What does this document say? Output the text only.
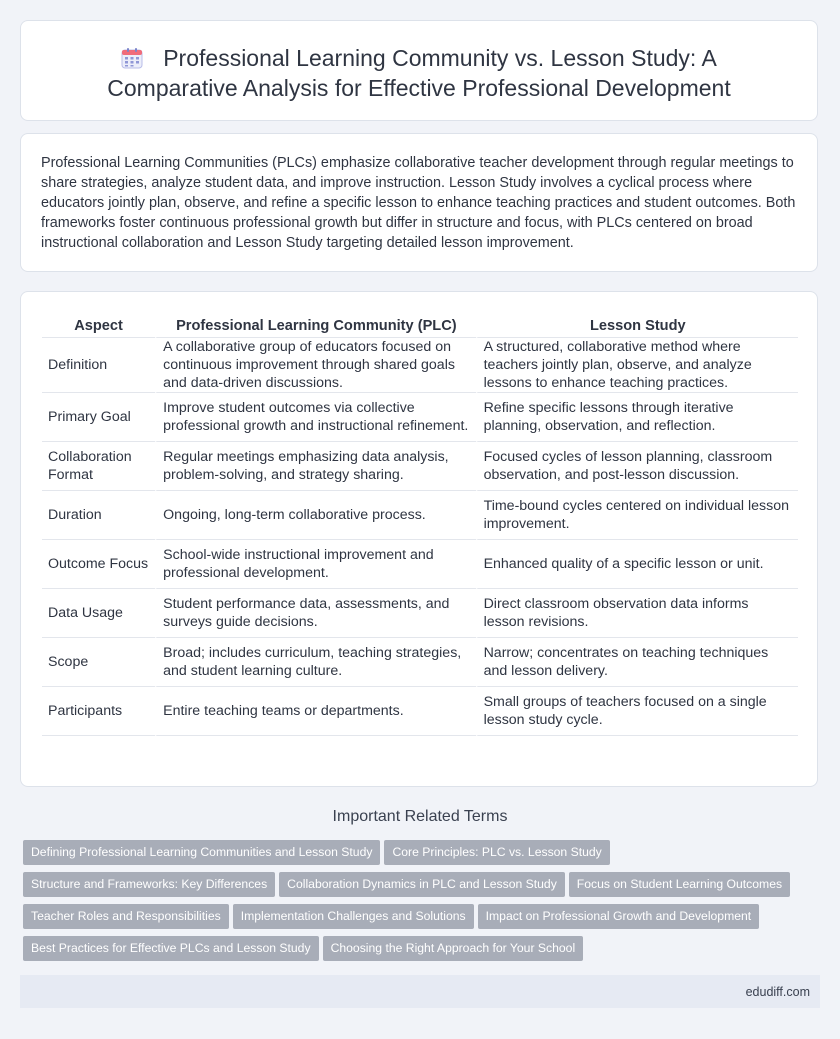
Professional Learning Community vs. Lesson Study: A Comparative Analysis for Effective Professional Development

Professional Learning Communities (PLCs) emphasize collaborative teacher development through regular meetings to share strategies, analyze student data, and improve instruction. Lesson Study involves a cyclical process where educators jointly plan, observe, and refine a specific lesson to enhance teaching practices and student outcomes. Both frameworks foster continuous professional growth but differ in structure and focus, with PLCs centered on broad instructional collaboration and Lesson Study targeting detailed lesson improvement.

Aspect	Professional Learning Community (PLC)	Lesson Study
Definition	A collaborative group of educators focused on continuous improvement through shared goals and data-driven discussions.	A structured, collaborative method where teachers jointly plan, observe, and analyze lessons to enhance teaching practices.
Primary Goal	Improve student outcomes via collective professional growth and instructional refinement.	Refine specific lessons through iterative planning, observation, and reflection.
Collaboration Format	Regular meetings emphasizing data analysis, problem-solving, and strategy sharing.	Focused cycles of lesson planning, classroom observation, and post-lesson discussion.
Duration	Ongoing, long-term collaborative process.	Time-bound cycles centered on individual lesson improvement.
Outcome Focus	School-wide instructional improvement and professional development.	Enhanced quality of a specific lesson or unit.
Data Usage	Student performance data, assessments, and surveys guide decisions.	Direct classroom observation data informs lesson revisions.
Scope	Broad; includes curriculum, teaching strategies, and student learning culture.	Narrow; concentrates on teaching techniques and lesson delivery.
Participants	Entire teaching teams or departments.	Small groups of teachers focused on a single lesson study cycle.
Important Related Terms
Defining Professional Learning Communities and Lesson Study Core Principles: PLC vs. Lesson Study
Structure and Frameworks: Key Differences Collaboration Dynamics in PLC and Lesson Study Focus on Student Learning Outcomes
Teacher Roles and Responsibilities Implementation Challenges and Solutions Impact on Professional Growth and Development
Best Practices for Effective PLCs and Lesson Study Choosing the Right Approach for Your School
edudiff.com
